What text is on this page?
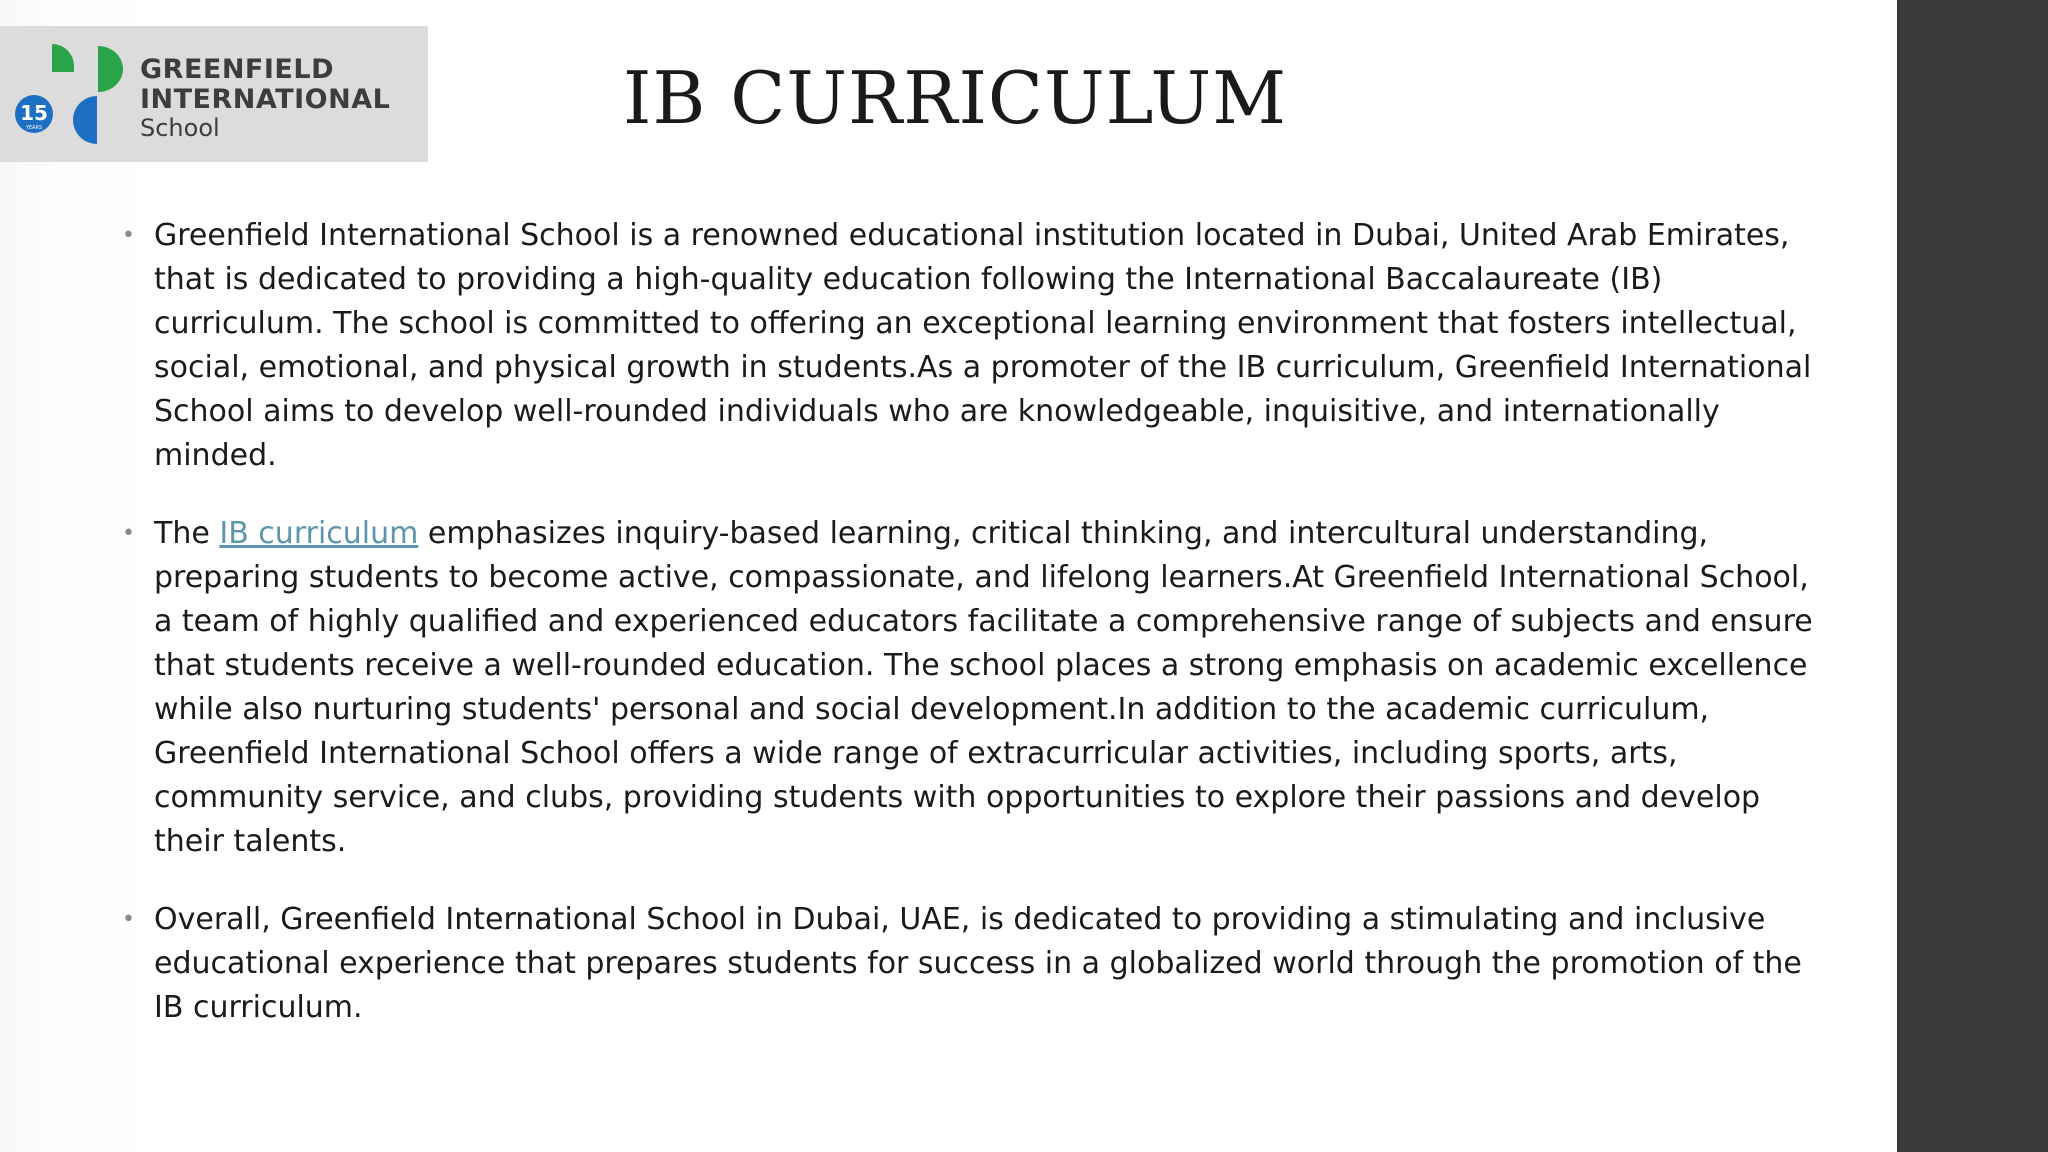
15
YEARS
GREENFIELD
INTERNATIONAL
School	IB CURRICULUM
• Greenfield International School is a renowned educational institution located in Dubai, United Arab Emirates, that is dedicated to providing a high-quality education following the International Baccalaureate (IB) curriculum. The school is committed to offering an exceptional learning environment that fosters intellectual, social, emotional, and physical growth in students.As a promoter of the IB curriculum, Greenfield International School aims to develop well-rounded individuals who are knowledgeable, inquisitive, and internationally minded.
• The IB curriculum emphasizes inquiry-based learning, critical thinking, and intercultural understanding, preparing students to become active, compassionate, and lifelong learners.At Greenfield International School, a team of highly qualified and experienced educators facilitate a comprehensive range of subjects and ensure that students receive a well-rounded education. The school places a strong emphasis on academic excellence while also nurturing students' personal and social development.In addition to the academic curriculum, Greenfield International School offers a wide range of extracurricular activities, including sports, arts, community service, and clubs, providing students with opportunities to explore their passions and develop their talents.
• Overall, Greenfield International School in Dubai, UAE, is dedicated to providing a stimulating and inclusive educational experience that prepares students for success in a globalized world through the promotion of the IB curriculum.
